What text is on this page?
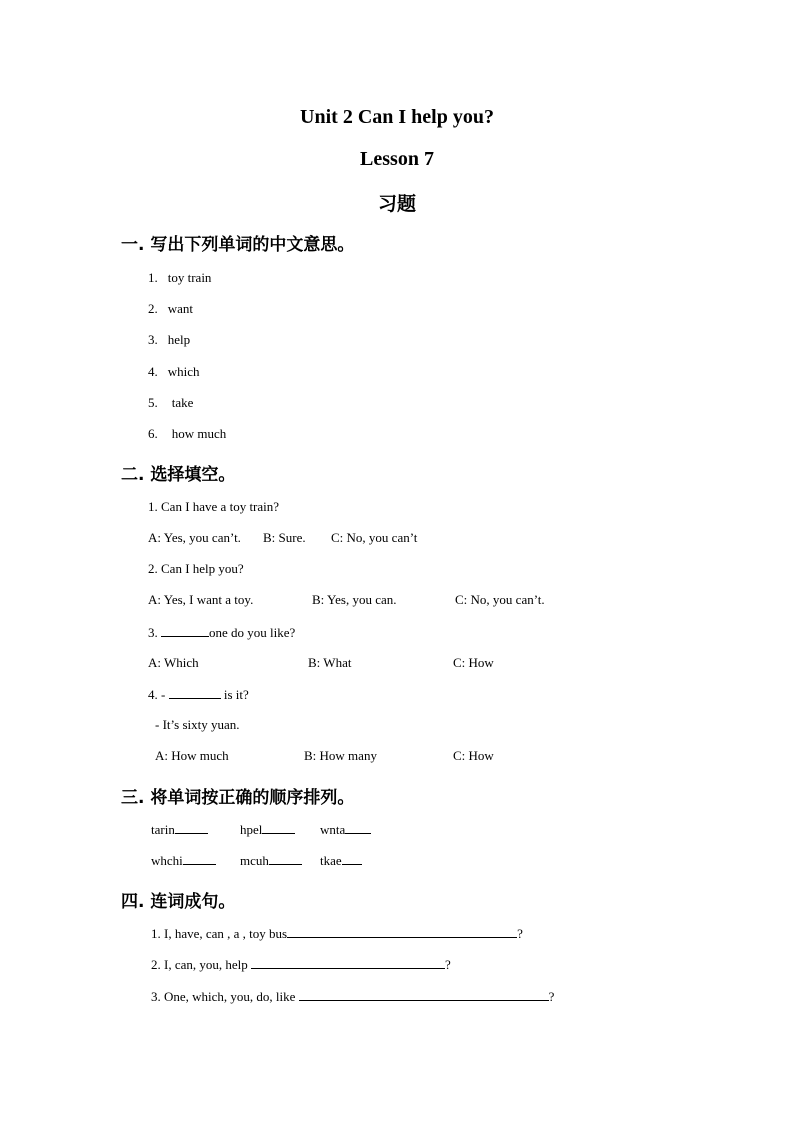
Unit 2 Can I help you?
Lesson 7
习题
一. 写出下列单词的中文意思。
1. toy train
2. want
3. help
4. which
5. take
6. how much
二. 选择填空。
1. Can I have a toy train?
A: Yes, you can’t. B: Sure. C: No, you can’t
2. Can I help you?
A: Yes, I want a toy.	B: Yes, you can.	C: No, you can’t.
3.	one do you like?
A: Which	B: What	C: How
4. -	is it?
- It’s sixty yuan.
A: How much	B: How many	C: How
三. 将单词按正确的顺序排列。
tarin	hpel	wnta
whchi	mcuh	tkae
四. 连词成句。
1. I, have, can , a , toy bus	?
2. I, can, you, help	?
3. One, which, you, do, like	?
